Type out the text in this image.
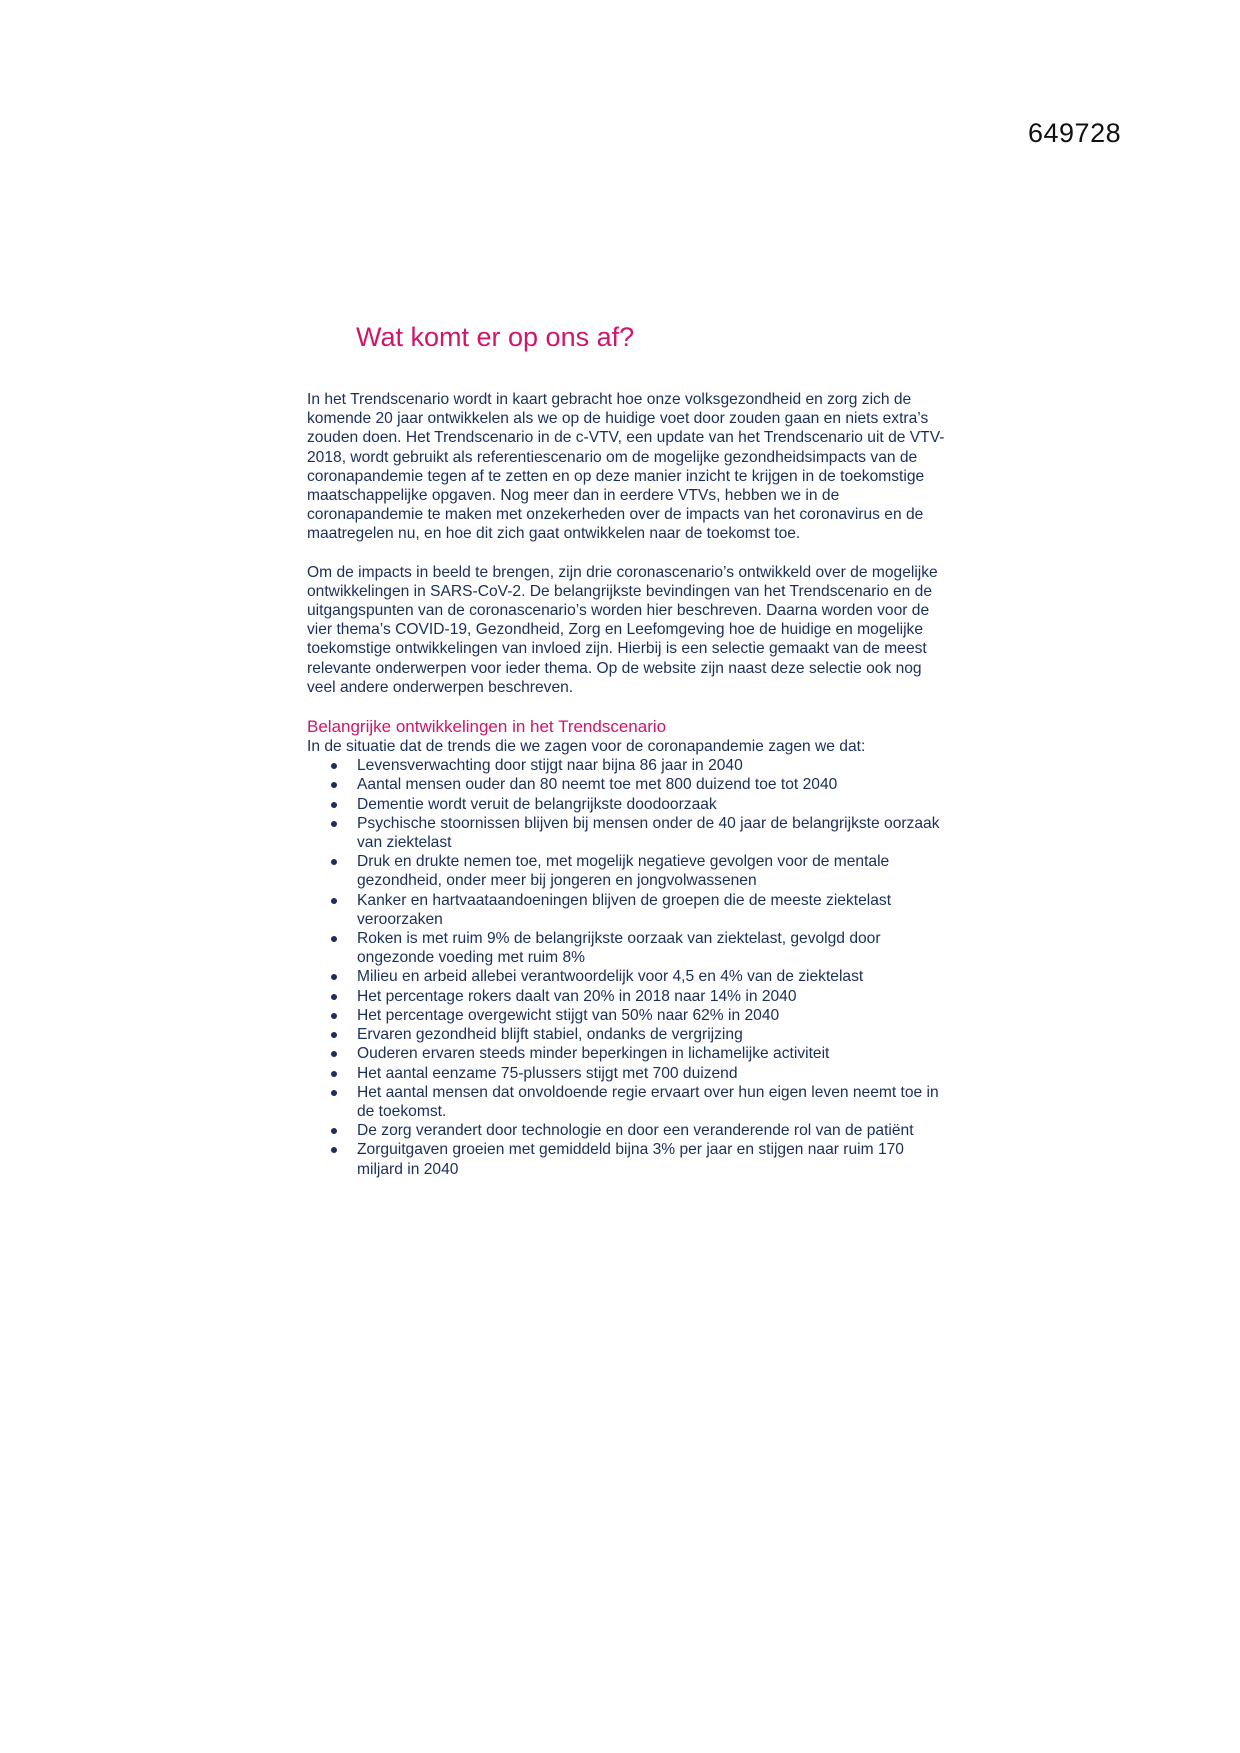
649728
Wat komt er op ons af?

In het Trendscenario wordt in kaart gebracht hoe onze volksgezondheid en zorg zich de komende 20 jaar ontwikkelen als we op de huidige voet door zouden gaan en niets extra’s zouden doen. Het Trendscenario in de c-VTV, een update van het Trendscenario uit de VTV-2018, wordt gebruikt als referentiescenario om de mogelijke gezondheidsimpacts van de coronapandemie tegen af te zetten en op deze manier inzicht te krijgen in de toekomstige maatschappelijke opgaven. Nog meer dan in eerdere VTVs, hebben we in de coronapandemie te maken met onzekerheden over de impacts van het coronavirus en de maatregelen nu, en hoe dit zich gaat ontwikkelen naar de toekomst toe.

Om de impacts in beeld te brengen, zijn drie coronascenario’s ontwikkeld over de mogelijke ontwikkelingen in SARS-CoV-2. De belangrijkste bevindingen van het Trendscenario en de uitgangspunten van de coronascenario’s worden hier beschreven. Daarna worden voor de vier thema’s COVID-19, Gezondheid, Zorg en Leefomgeving hoe de huidige en mogelijke toekomstige ontwikkelingen van invloed zijn. Hierbij is een selectie gemaakt van de meest relevante onderwerpen voor ieder thema. Op de website zijn naast deze selectie ook nog veel andere onderwerpen beschreven.

Belangrijke ontwikkelingen in het Trendscenario

In de situatie dat de trends die we zagen voor de coronapandemie zagen we dat:

Levensverwachting door stijgt naar bijna 86 jaar in 2040
Aantal mensen ouder dan 80 neemt toe met 800 duizend toe tot 2040
Dementie wordt veruit de belangrijkste doodoorzaak
Psychische stoornissen blijven bij mensen onder de 40 jaar de belangrijkste oorzaak van ziektelast
Druk en drukte nemen toe, met mogelijk negatieve gevolgen voor de mentale gezondheid, onder meer bij jongeren en jongvolwassenen
Kanker en hartvaataandoeningen blijven de groepen die de meeste ziektelast veroorzaken
Roken is met ruim 9% de belangrijkste oorzaak van ziektelast, gevolgd door ongezonde voeding met ruim 8%
Milieu en arbeid allebei verantwoordelijk voor 4,5 en 4% van de ziektelast
Het percentage rokers daalt van 20% in 2018 naar 14% in 2040
Het percentage overgewicht stijgt van 50% naar 62% in 2040
Ervaren gezondheid blijft stabiel, ondanks de vergrijzing
Ouderen ervaren steeds minder beperkingen in lichamelijke activiteit
Het aantal eenzame 75-plussers stijgt met 700 duizend
Het aantal mensen dat onvoldoende regie ervaart over hun eigen leven neemt toe in de toekomst.
De zorg verandert door technologie en door een veranderende rol van de patiënt
Zorguitgaven groeien met gemiddeld bijna 3% per jaar en stijgen naar ruim 170 miljard in 2040
